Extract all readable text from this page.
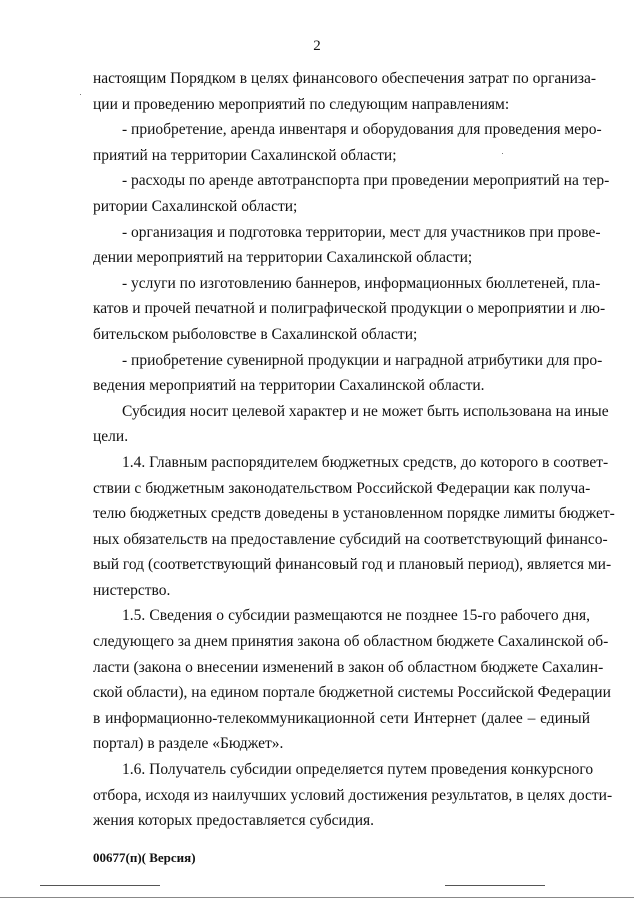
2

настоящим Порядком в целях финансового обеспечения затрат по организа-
ции и проведению мероприятий по следующим направлениям:

- приобретение, аренда инвентаря и оборудования для проведения меро-
приятий на территории Сахалинской области;

- расходы по аренде автотранспорта при проведении мероприятий на тер-
ритории Сахалинской области;

- организация и подготовка территории, мест для участников при прове-
дении мероприятий на территории Сахалинской области;

- услуги по изготовлению баннеров, информационных бюллетеней, пла-
катов и прочей печатной и полиграфической продукции о мероприятии и лю-
бительском рыболовстве в Сахалинской области;

- приобретение сувенирной продукции и наградной атрибутики для про-
ведения мероприятий на территории Сахалинской области.

Субсидия носит целевой характер и не может быть использована на иные
цели.

1.4. Главным распорядителем бюджетных средств, до которого в соответ-
ствии с бюджетным законодательством Российской Федерации как получа-
телю бюджетных средств доведены в установленном порядке лимиты бюджет-
ных обязательств на предоставление субсидий на соответствующий финансо-
вый год (соответствующий финансовый год и плановый период), является ми-
нистерство.

1.5. Сведения о субсидии размещаются не позднее 15-го рабочего дня,
следующего за днем принятия закона об областном бюджете Сахалинской об-
ласти (закона о внесении изменений в закон об областном бюджете Сахалин-
ской области), на едином портале бюджетной системы Российской Федерации
в информационно-телекоммуникационной сети Интернет (далее – единый
портал) в разделе «Бюджет».

1.6. Получатель субсидии определяется путем проведения конкурсного
отбора, исходя из наилучших условий достижения результатов, в целях дости-
жения которых предоставляется субсидия.

00677(п)( Версия)
